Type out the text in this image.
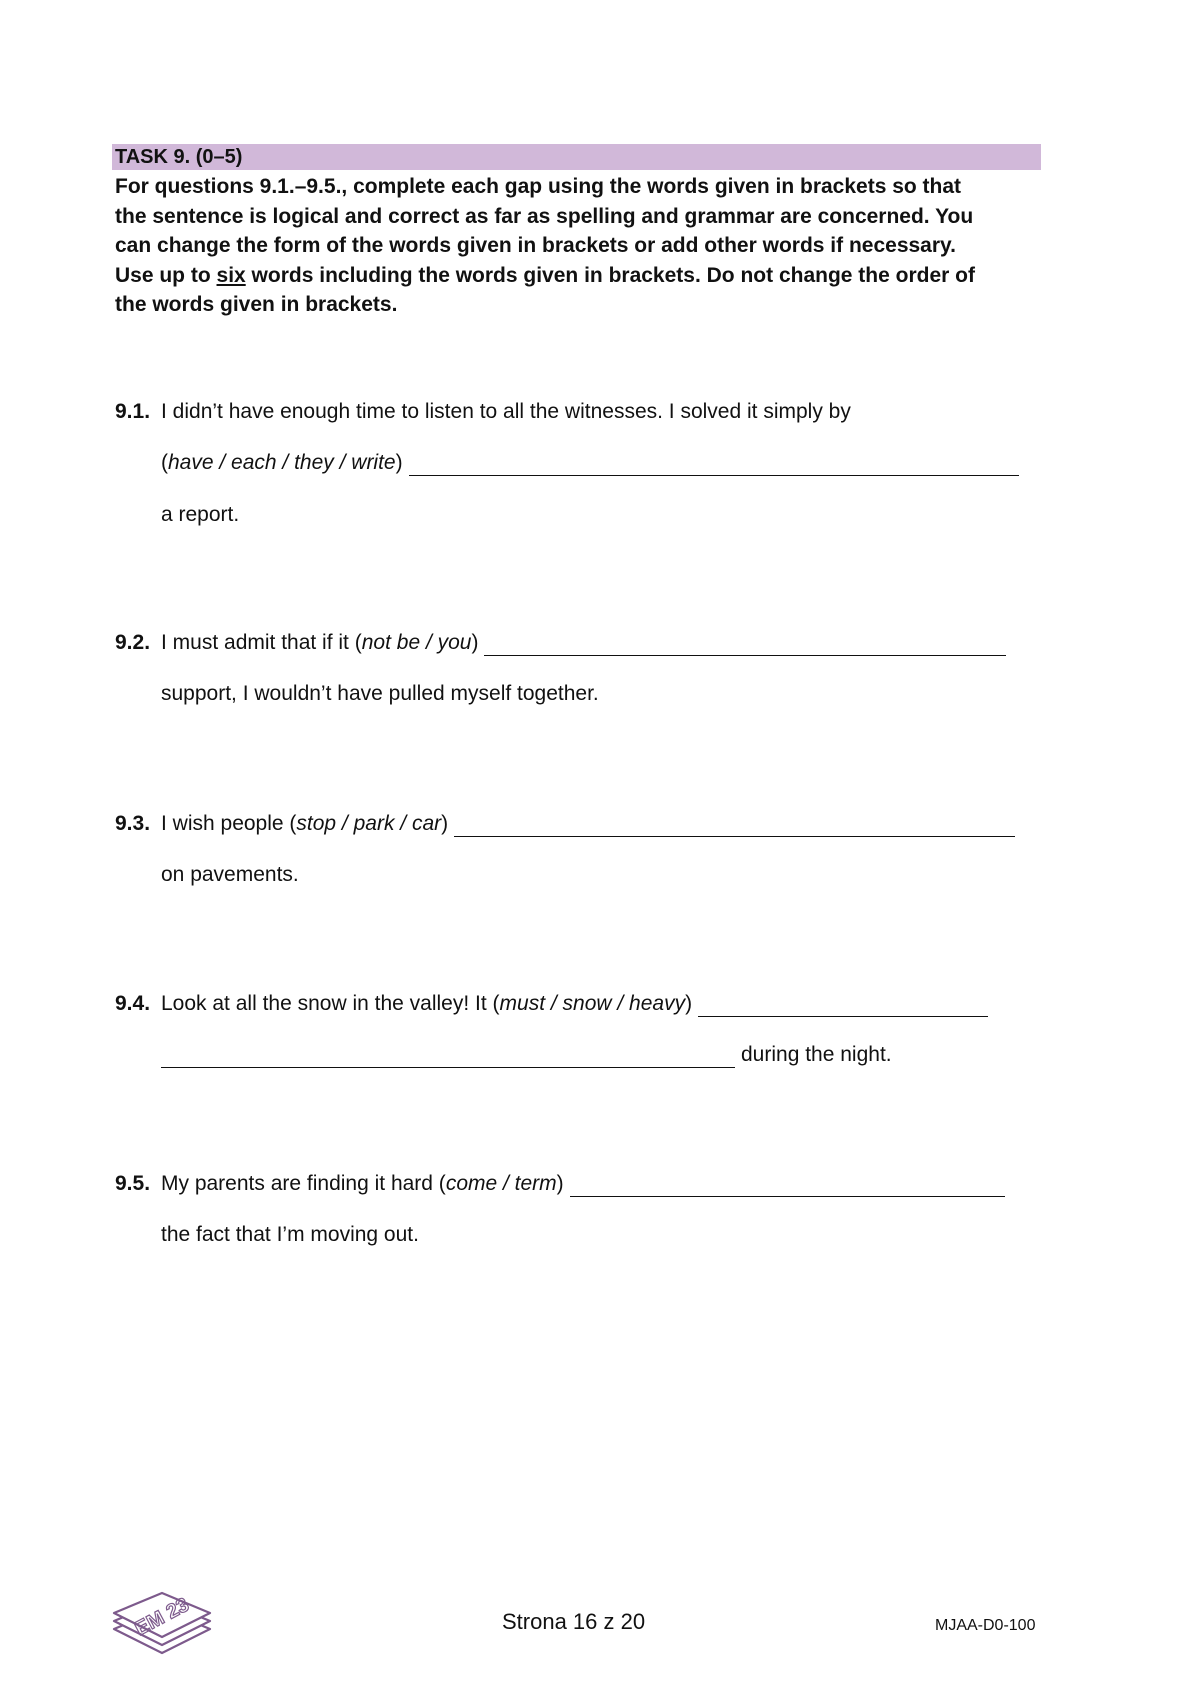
TASK 9. (0–5)

For questions 9.1.–9.5., complete each gap using the words given in brackets so that

the sentence is logical and correct as far as spelling and grammar are concerned. You

can change the form of the words given in brackets or add other words if necessary.

Use up to six words including the words given in brackets. Do not change the order of

the words given in brackets.

9.1. I didn’t have enough time to listen to all the witnesses. I solved it simply by
( have / each / they / write )
a report.
9.2. I must admit that if it ( not be / you )
support, I wouldn’t have pulled myself together.
9.3. I wish people ( stop / park / car )
on pavements.
9.4. Look at all the snow in the valley! It ( must / snow / heavy )
during the night.
9.5. My parents are finding it hard ( come / term )
the fact that I’m moving out.
EM 23	Strona 16 z 20	MJAA-D0-100
